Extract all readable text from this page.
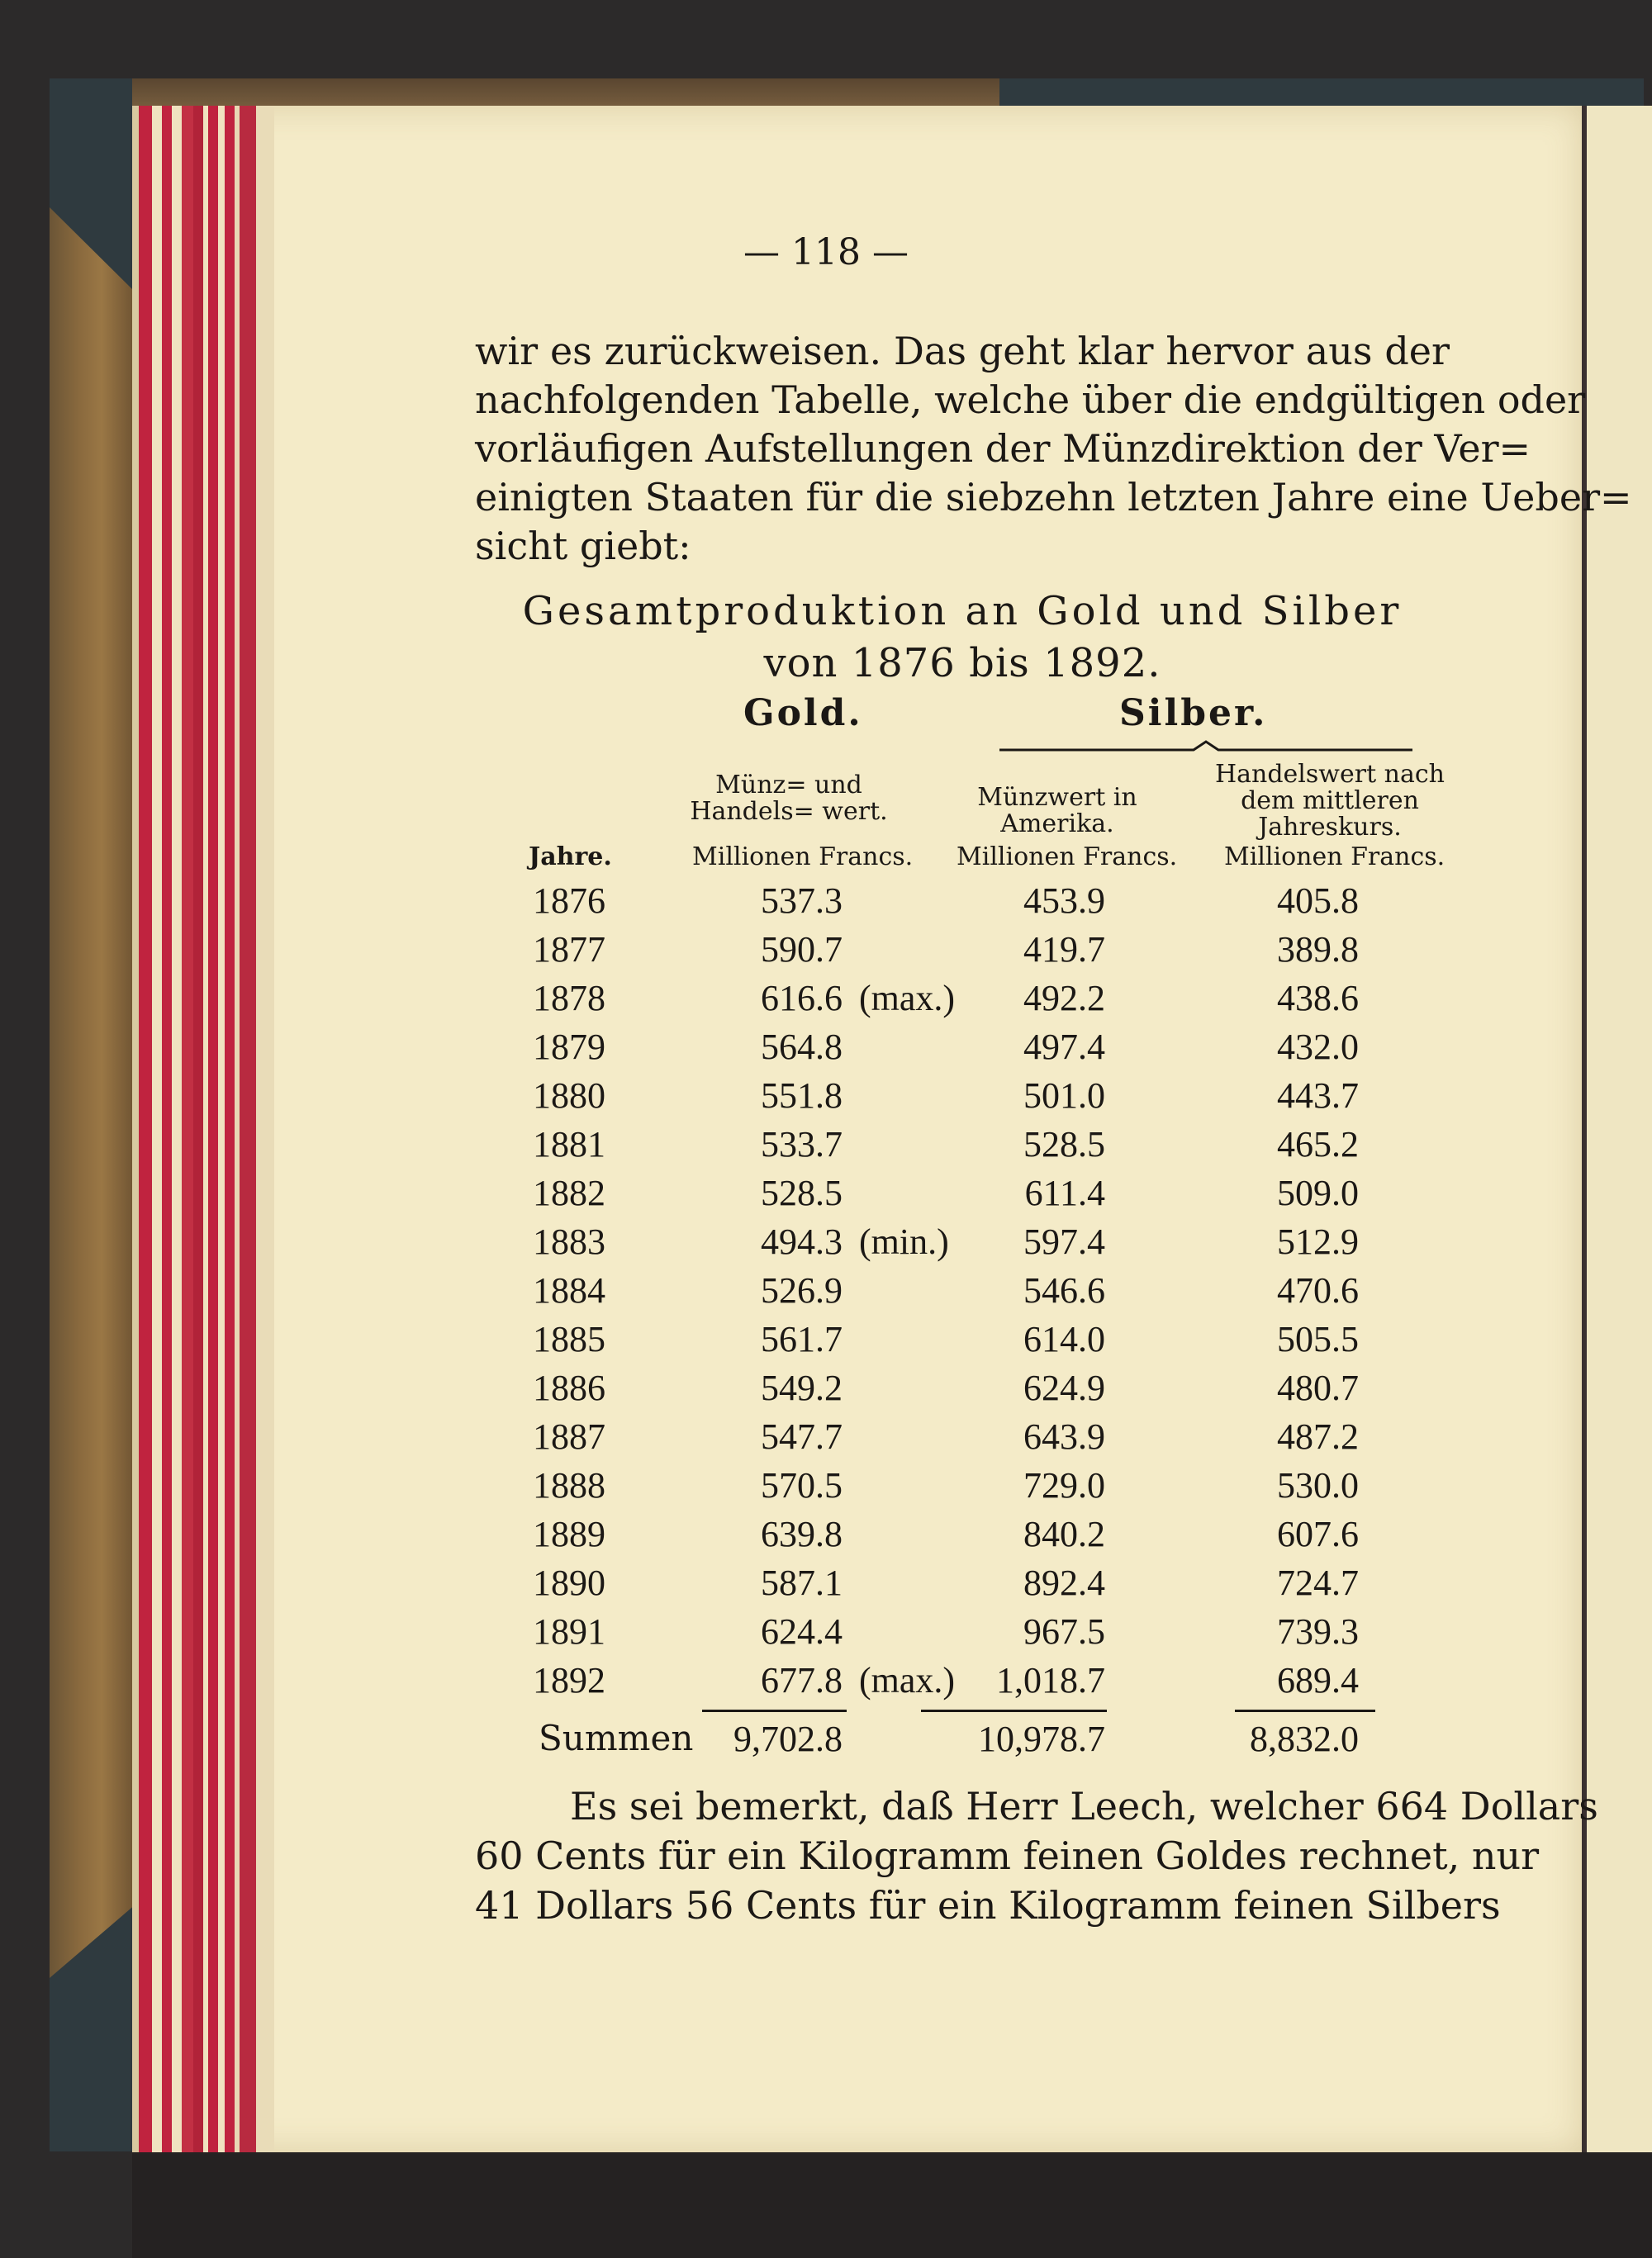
— 118 —
wir es zurückweisen. Das geht klar hervor aus der
nachfolgenden Tabelle, welche über die endgültigen oder
vorläufigen Aufstellungen der Münzdirektion der Ver=
einigten Staaten für die siebzehn letzten Jahre eine Ueber=
sicht giebt:
Gesamtproduktion an Gold und Silber
von 1876 bis 1892.
Gold.	Silber.
Münz= und Handels= wert.	Münzwert in Amerika.
Handelswert nach dem mittleren Jahreskurs.
Jahre.	Millionen Francs. Millionen Francs. Millionen Francs.
1876	537.3	453.9	405.8
1877	590.7	419.7	389.8
1878	616.6 (max.)	492.2	438.6
1879	564.8	497.4	432.0
1880	551.8	501.0	443.7
1881	533.7	528.5	465.2
1882	528.5	611.4	509.0
1883	494.3 (min.)	597.4	512.9
1884	526.9	546.6	470.6
1885	561.7	614.0	505.5
1886	549.2	624.9	480.7
1887	547.7	643.9	487.2
1888	570.5	729.0	530.0
1889	639.8	840.2	607.6
1890	587.1	892.4	724.7
1891	624.4	967.5	739.3
1892	677.8 (max.)	1,018.7	689.4
Summen	9,702.8	10,978.7	8,832.0
Es sei bemerkt, daß Herr Leech, welcher 664 Dollars
60 Cents für ein Kilogramm feinen Goldes rechnet, nur
41 Dollars 56 Cents für ein Kilogramm feinen Silbers
